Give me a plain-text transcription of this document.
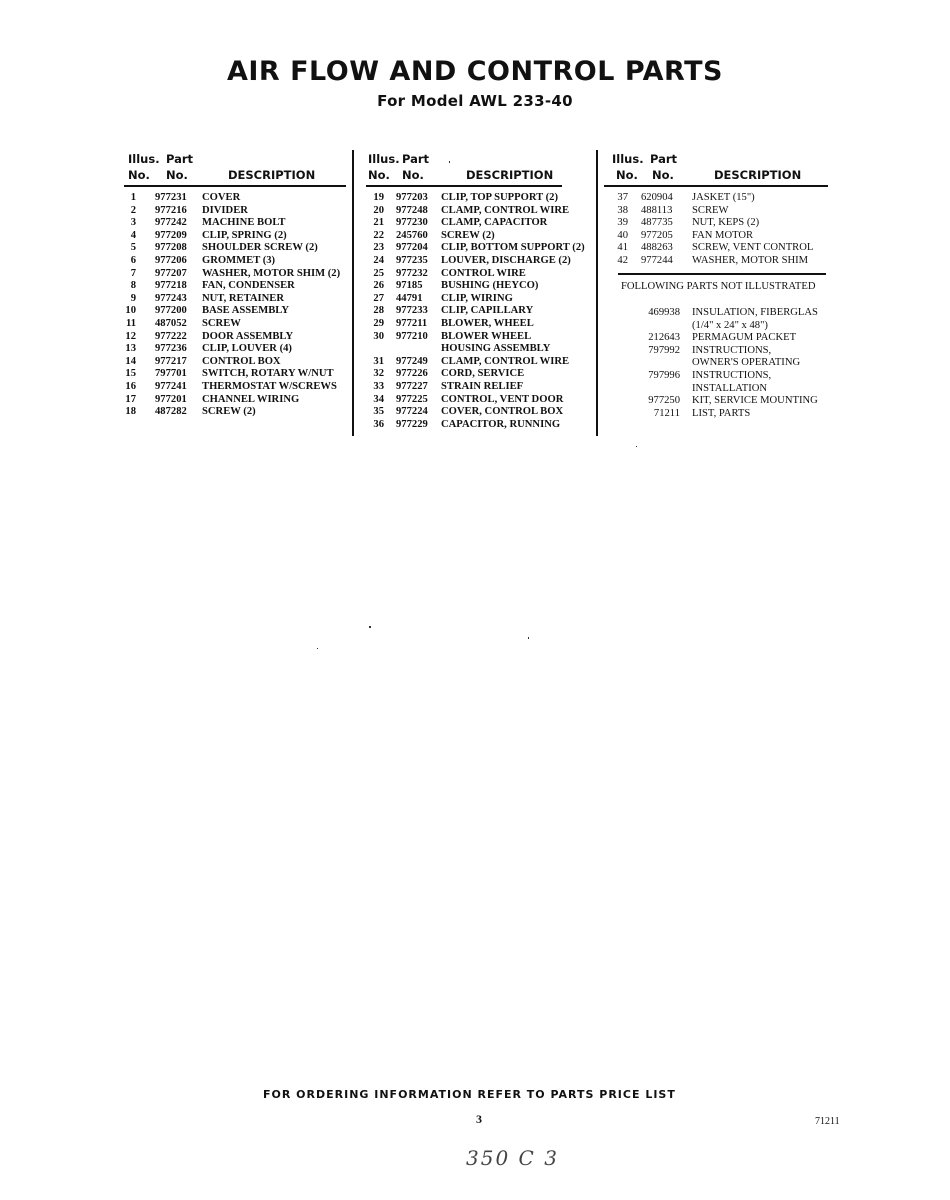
AIR FLOW AND CONTROL PARTS
For Model AWL 233-40
Illus. Part
No. No.	DESCRIPTION
Illus. Part
No. No.	DESCRIPTION
Illus. Part
No. No.	DESCRIPTION
1 977231 COVER
2 977216 DIVIDER
3 977242 MACHINE BOLT
4 977209 CLIP, SPRING (2)
5 977208 SHOULDER SCREW (2)
6 977206 GROMMET (3)
7 977207 WASHER, MOTOR SHIM (2)
8 977218 FAN, CONDENSER
9 977243 NUT, RETAINER
10 977200 BASE ASSEMBLY
11 487052 SCREW
12 977222 DOOR ASSEMBLY
13 977236 CLIP, LOUVER (4)
14 977217 CONTROL BOX
15 797701 SWITCH, ROTARY W/NUT
16 977241 THERMOSTAT W/SCREWS
17 977201 CHANNEL WIRING
18 487282 SCREW (2)
19 977203 CLIP, TOP SUPPORT (2)
20 977248 CLAMP, CONTROL WIRE
21 977230 CLAMP, CAPACITOR
22 245760 SCREW (2)
23 977204 CLIP, BOTTOM SUPPORT (2)
24 977235 LOUVER, DISCHARGE (2)
25 977232 CONTROL WIRE
26 97185 BUSHING (HEYCO)
27 44791 CLIP, WIRING
28 977233 CLIP, CAPILLARY
29 977211 BLOWER, WHEEL
30 977210 BLOWER WHEEL
HOUSING ASSEMBLY
31 977249 CLAMP, CONTROL WIRE
32 977226 CORD, SERVICE
33 977227 STRAIN RELIEF
34 977225 CONTROL, VENT DOOR
35 977224 COVER, CONTROL BOX
36 977229 CAPACITOR, RUNNING
37 620904 JASKET (15")
38 488113 SCREW
39 487735 NUT, KEPS (2)
40 977205 FAN MOTOR
41 488263 SCREW, VENT CONTROL
42 977244 WASHER, MOTOR SHIM
FOLLOWING PARTS NOT ILLUSTRATED
469938 INSULATION, FIBERGLAS
(1/4" x 24" x 48")
212643 PERMAGUM PACKET
797992 INSTRUCTIONS,
OWNER'S OPERATING
797996 INSTRUCTIONS,
INSTALLATION
977250 KIT, SERVICE MOUNTING
71211 LIST, PARTS
FOR ORDERING INFORMATION REFER TO PARTS PRICE LIST
3	71211
350 C 3
